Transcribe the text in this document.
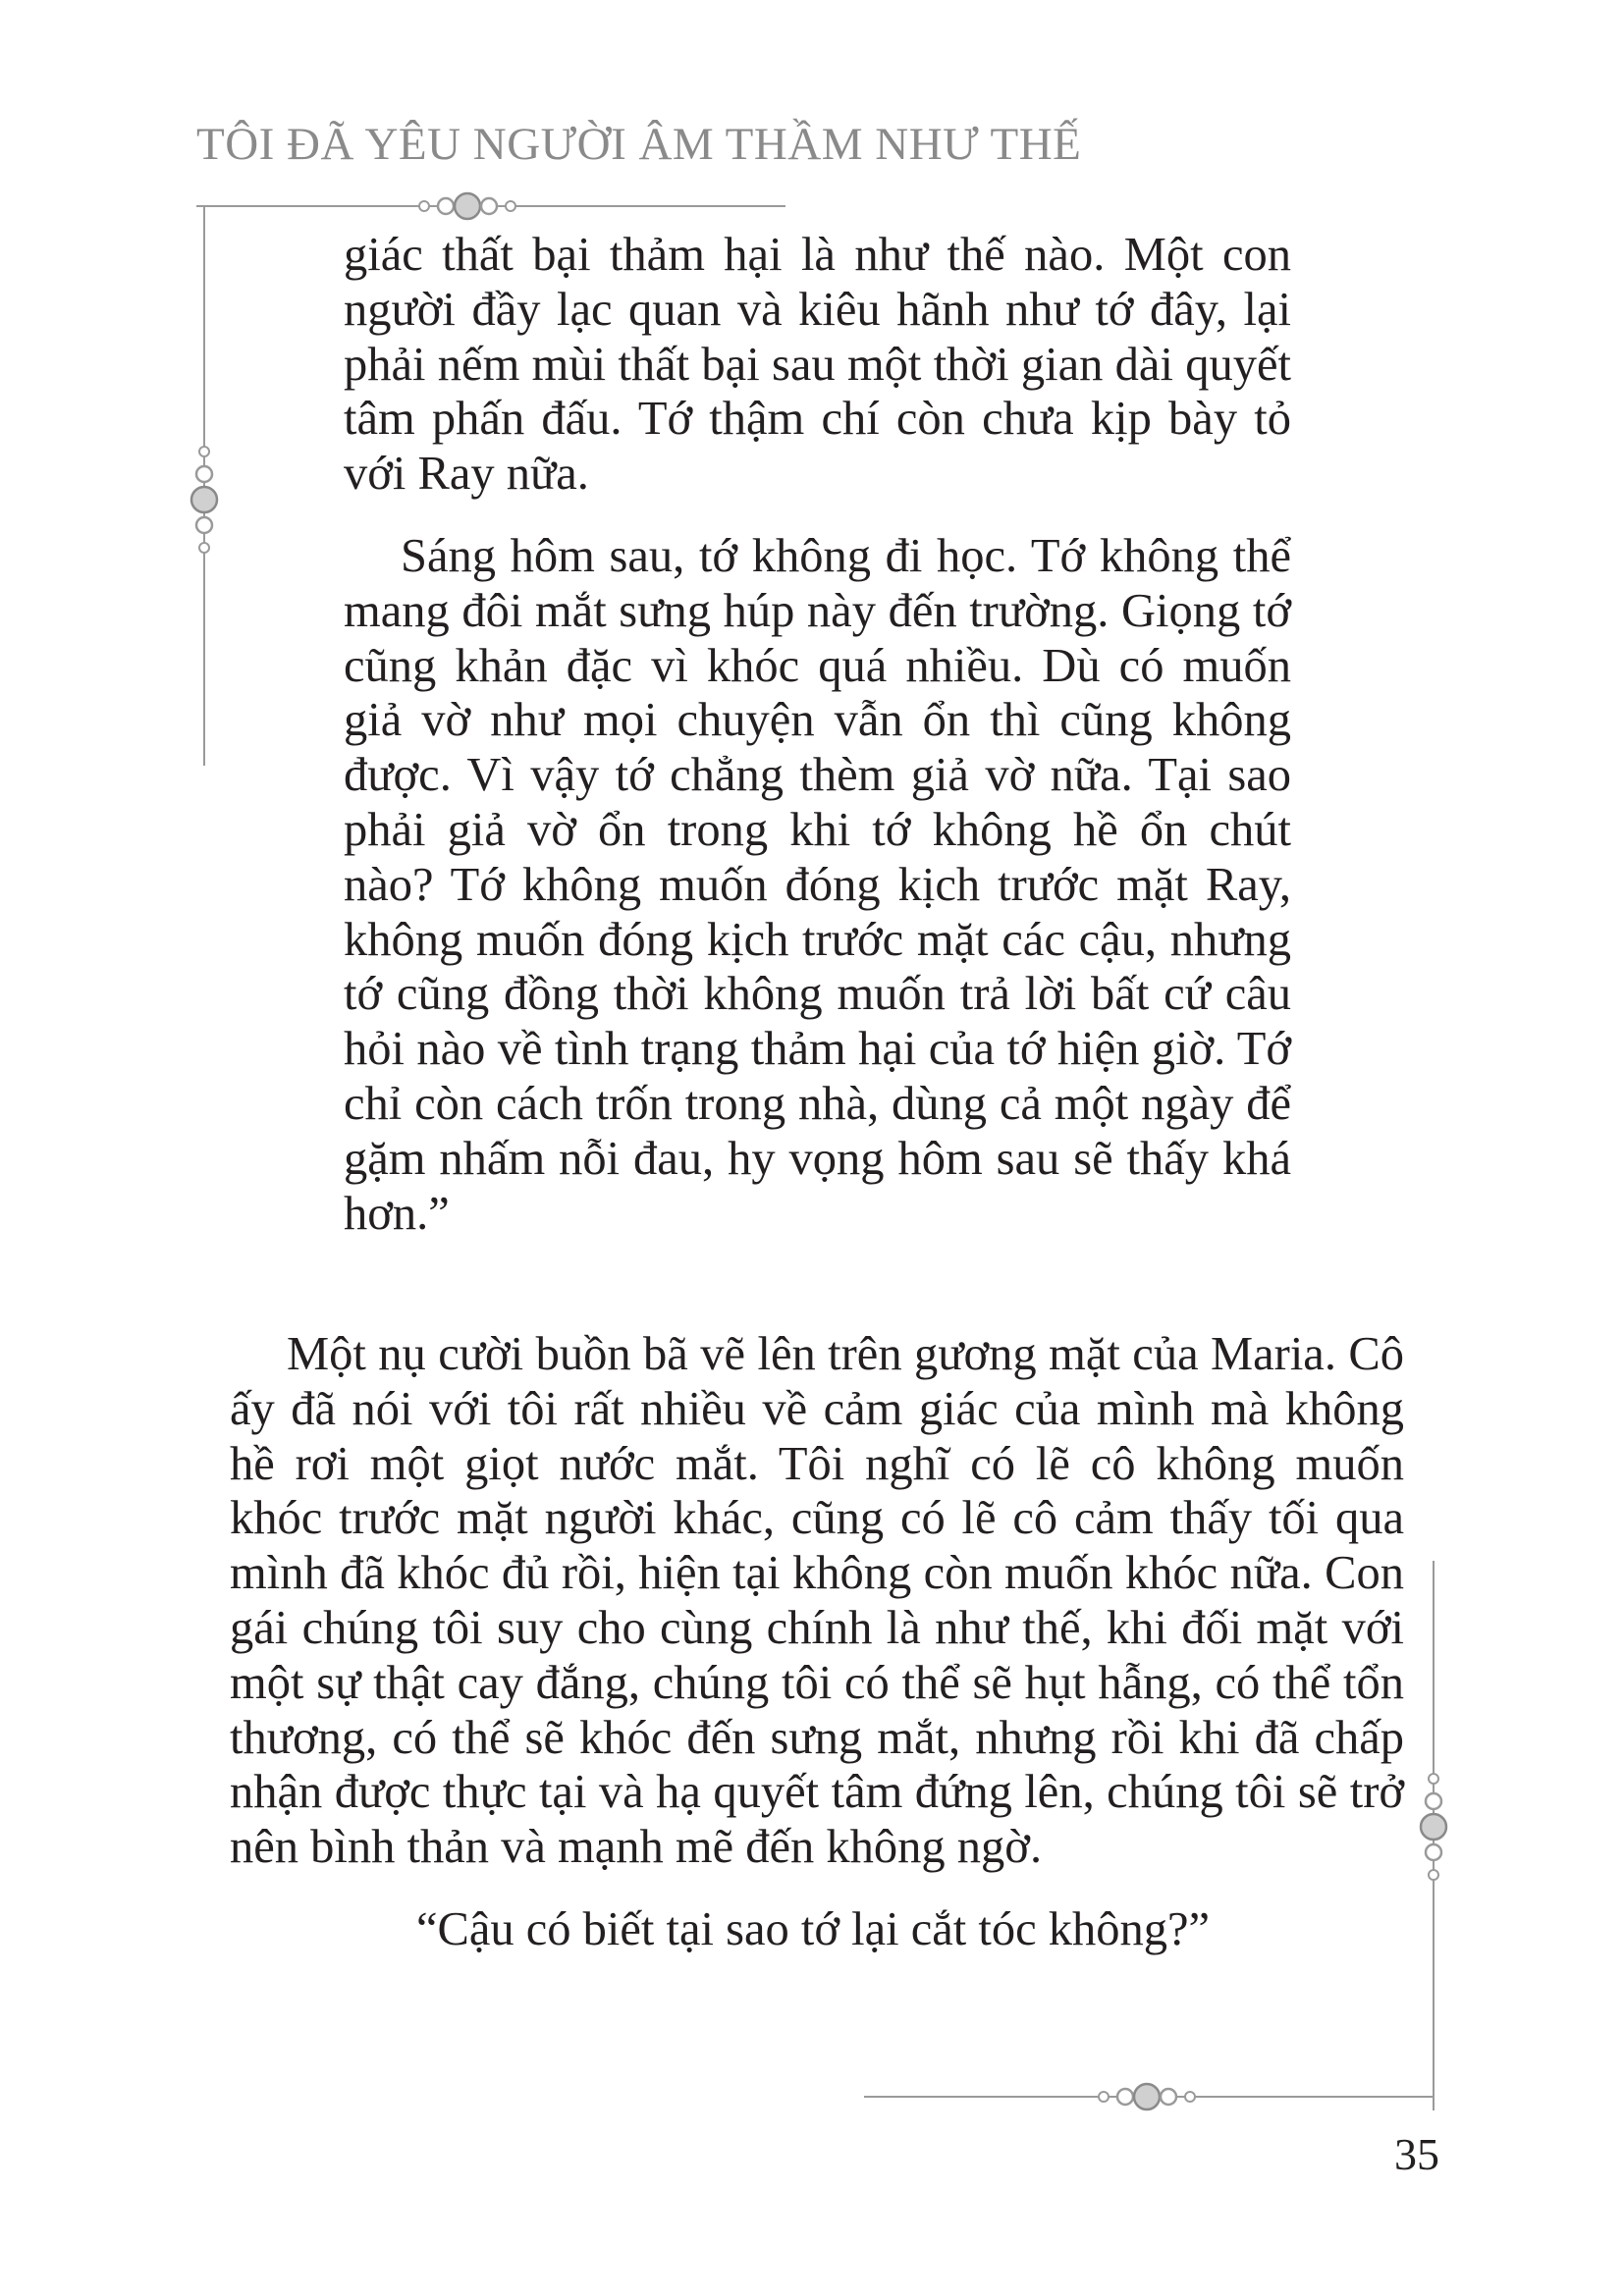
TÔI ĐÃ YÊU NGƯỜI ÂM THẦM NHƯ THẾ

giác thất bại thảm hại là như thế nào. Một con người đầy lạc quan và kiêu hãnh như tớ đây, lại phải nếm mùi thất bại sau một thời gian dài quyết tâm phấn đấu. Tớ thậm chí còn chưa kịp bày tỏ với Ray nữa.

Sáng hôm sau, tớ không đi học. Tớ không thể mang đôi mắt sưng húp này đến trường. Giọng tớ cũng khản đặc vì khóc quá nhiều. Dù có muốn giả vờ như mọi chuyện vẫn ổn thì cũng không được. Vì vậy tớ chẳng thèm giả vờ nữa. Tại sao phải giả vờ ổn trong khi tớ không hề ổn chút nào? Tớ không muốn đóng kịch trước mặt Ray, không muốn đóng kịch trước mặt các cậu, nhưng tớ cũng đồng thời không muốn trả lời bất cứ câu hỏi nào về tình trạng thảm hại của tớ hiện giờ. Tớ chỉ còn cách trốn trong nhà, dùng cả một ngày để gặm nhấm nỗi đau, hy vọng hôm sau sẽ thấy khá hơn.”

Một nụ cười buồn bã vẽ lên trên gương mặt của Maria. Cô ấy đã nói với tôi rất nhiều về cảm giác của mình mà không hề rơi một giọt nước mắt. Tôi nghĩ có lẽ cô không muốn khóc trước mặt người khác, cũng có lẽ cô cảm thấy tối qua mình đã khóc đủ rồi, hiện tại không còn muốn khóc nữa. Con gái chúng tôi suy cho cùng chính là như thế, khi đối mặt với một sự thật cay đắng, chúng tôi có thể sẽ hụt hẫng, có thể tổn thương, có thể sẽ khóc đến sưng mắt, nhưng rồi khi đã chấp nhận được thực tại và hạ quyết tâm đứng lên, chúng tôi sẽ trở nên bình thản và mạnh mẽ đến không ngờ.

“Cậu có biết tại sao tớ lại cắt tóc không?”

35
